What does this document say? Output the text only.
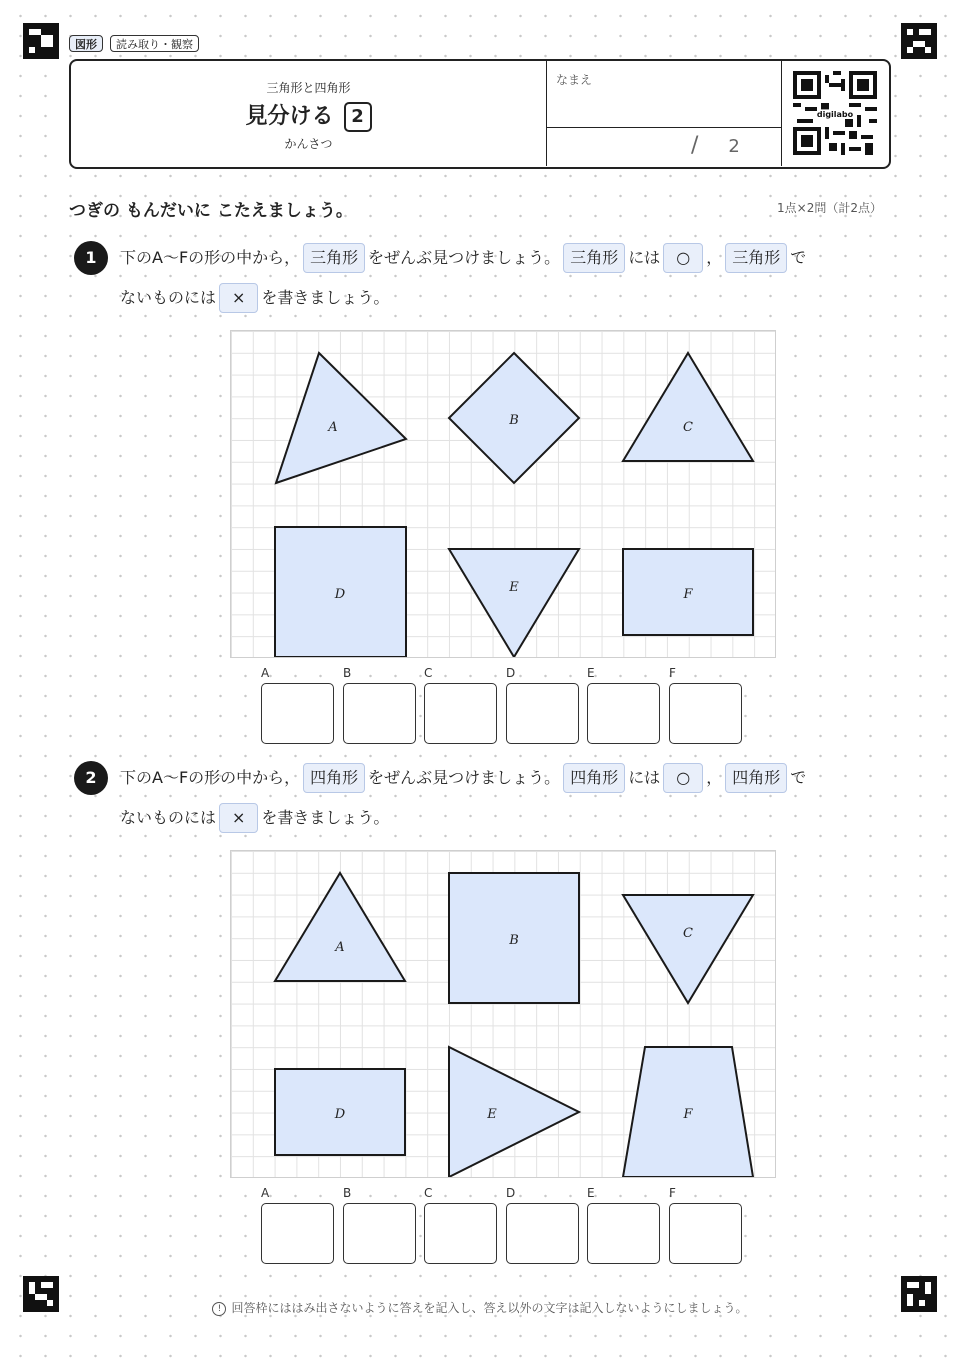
図形	読み取り・観察
三角形と四角形
見分ける 2
かんさつ
なまえ
/ 2
digilabo
つぎの もんだいに こたえましょう。	1点×2問（計2点）
1	下のA〜Fの形の中から， 三角形 をぜんぶ見つけましょう。 三角形 には ○ ， 三角形 で
ないものには × を書きましょう。
A	B	C
D	E	F
A	B	C	D	E	F
2	下のA〜Fの形の中から， 四角形 をぜんぶ見つけましょう。 四角形 には ○ ， 四角形 で
ないものには × を書きましょう。
A	B	C
D	E	F
A	B	C	D	E	F
! 回答枠にははみ出さないように答えを記入し、答え以外の文字は記入しないようにしましょう。
